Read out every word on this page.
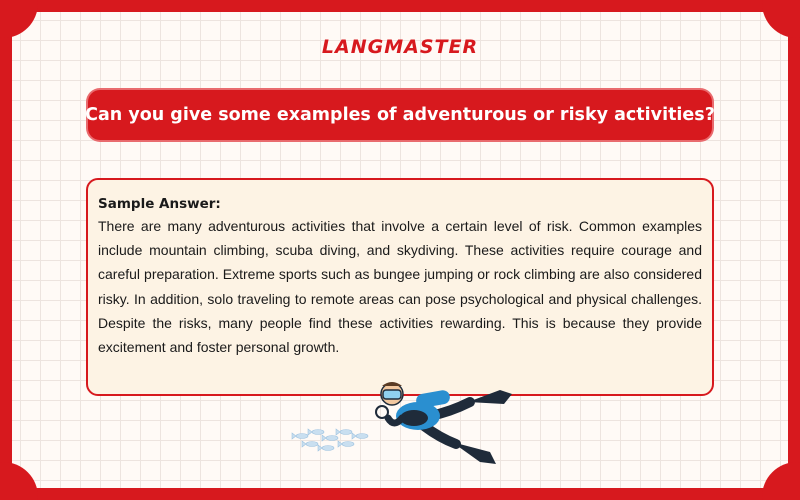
LANGMASTER
Can you give some examples of adventurous or risky activities?
Sample Answer:

There are many adventurous activities that involve a certain level of risk. Common examples include mountain climbing, scuba diving, and skydiving. These activities require courage and careful preparation. Extreme sports such as bungee jumping or rock climbing are also considered risky. In addition, solo traveling to remote areas can pose psychological and physical challenges. Despite the risks, many people find these activities rewarding. This is because they provide excitement and foster personal growth.
